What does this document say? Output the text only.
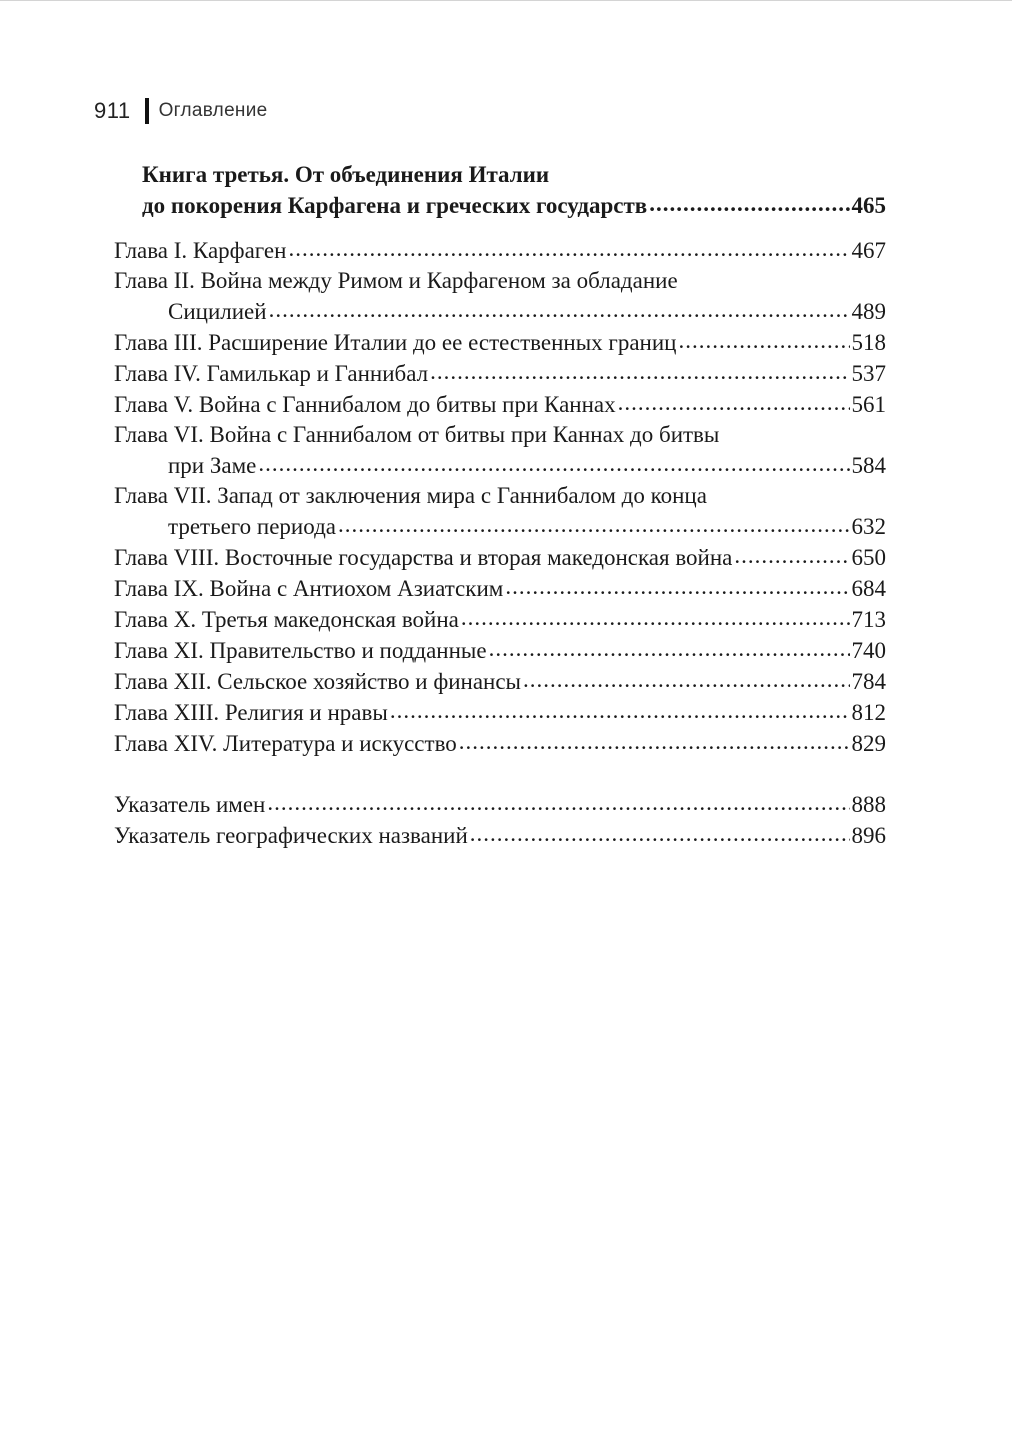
911 Оглавление
Книга третья. От объединения Италии
до покорения Карфагена и греческих государств .....	465
Глава I. Карфаген .....	467
Глава II. Война между Римом и Карфагеном за обладание
Сицилией .....	489
Глава III. Расширение Италии до ее естественных границ .....	518
Глава IV. Гамилькар и Ганнибал .....	537
Глава V. Война с Ганнибалом до битвы при Каннах .....	561
Глава VI. Война с Ганнибалом от битвы при Каннах до битвы
при Заме .....	584
Глава VII. Запад от заключения мира с Ганнибалом до конца
третьего периода .....	632
Глава VIII. Восточные государства и вторая македонская война .....	650
Глава IX. Война с Антиохом Азиатским .....	684
Глава X. Третья македонская война .....	713
Глава XI. Правительство и подданные .....	740
Глава XII. Сельское хозяйство и финансы .....	784
Глава XIII. Религия и нравы .....	812
Глава XIV. Литература и искусство .....	829
Указатель имен .....	888
Указатель географических названий .....	896
